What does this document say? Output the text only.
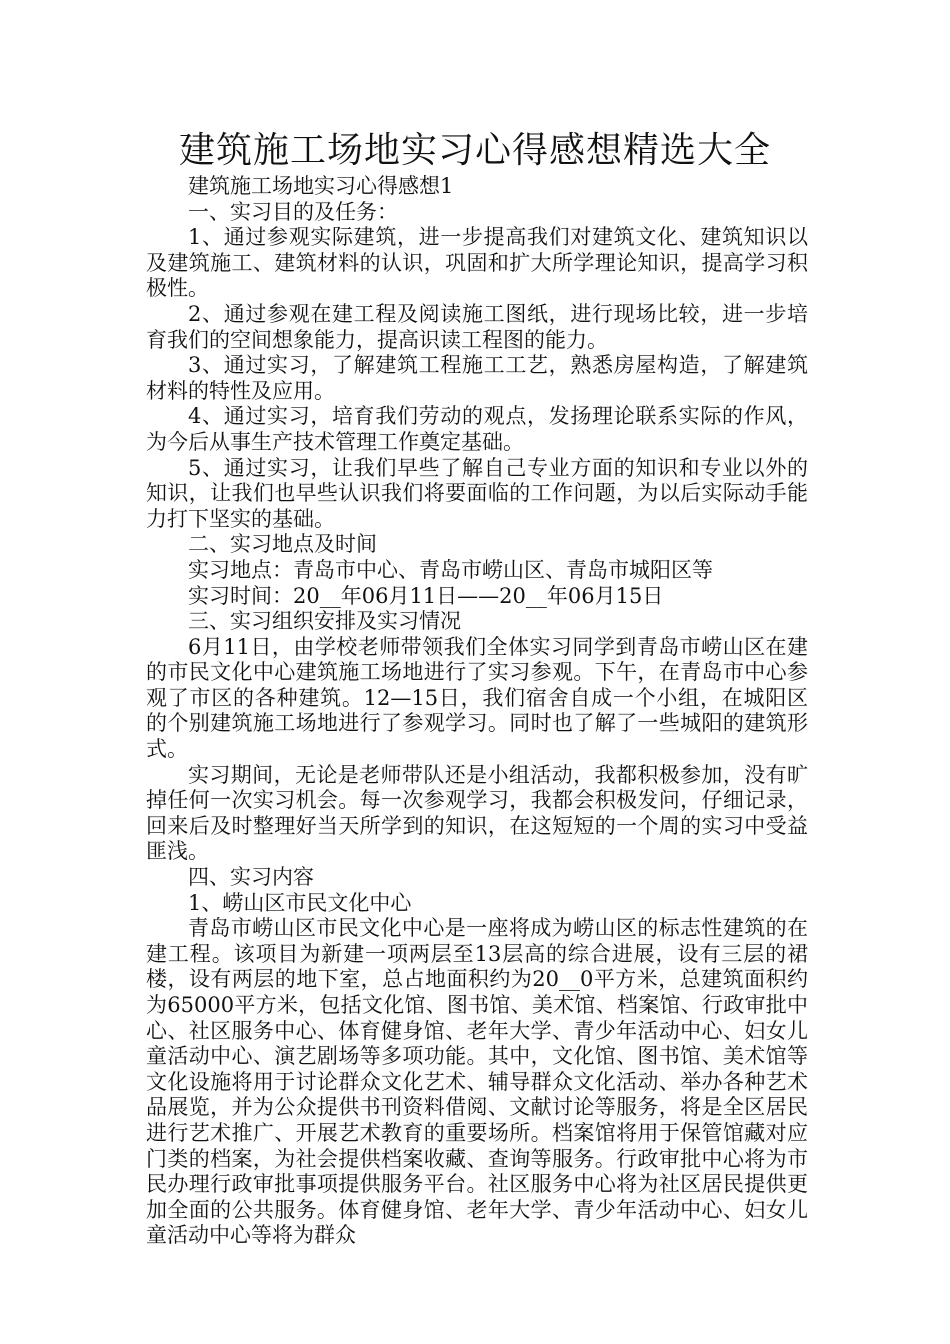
建筑施工场地实习心得感想精选大全

建筑施工场地实习心得感想1

一、实习目的及任务：

1、通过参观实际建筑，进一步提高我们对建筑文化、建筑知识以及建筑施工、建筑材料的认识，巩固和扩大所学理论知识，提高学习积极性。

2、通过参观在建工程及阅读施工图纸，进行现场比较，进一步培育我们的空间想象能力，提高识读工程图的能力。

3、通过实习，了解建筑工程施工工艺，熟悉房屋构造，了解建筑材料的特性及应用。

4、通过实习，培育我们劳动的观点，发扬理论联系实际的作风，为今后从事生产技术管理工作奠定基础。

5、通过实习，让我们早些了解自己专业方面的知识和专业以外的知识，让我们也早些认识我们将要面临的工作问题，为以后实际动手能力打下坚实的基础。

二、实习地点及时间

实习地点：青岛市中心、青岛市崂山区、青岛市城阳区等

实习时间：20__年06月11日——20__年06月15日

三、实习组织安排及实习情况

6月11日，由学校老师带领我们全体实习同学到青岛市崂山区在建的市民文化中心建筑施工场地进行了实习参观。下午，在青岛市中心参观了市区的各种建筑。12—15日，我们宿舍自成一个小组，在城阳区的个别建筑施工场地进行了参观学习。同时也了解了一些城阳的建筑形式。

实习期间，无论是老师带队还是小组活动，我都积极参加，没有旷掉任何一次实习机会。每一次参观学习，我都会积极发问，仔细记录，回来后及时整理好当天所学到的知识，在这短短的一个周的实习中受益匪浅。

四、实习内容

1、崂山区市民文化中心

青岛市崂山区市民文化中心是一座将成为崂山区的标志性建筑的在建工程。该项目为新建一项两层至13层高的综合进展，设有三层的裙楼，设有两层的地下室，总占地面积约为20__0平方米，总建筑面积约为65000平方米，包括文化馆、图书馆、美术馆、档案馆、行政审批中心、社区服务中心、体育健身馆、老年大学、青少年活动中心、妇女儿童活动中心、演艺剧场等多项功能。其中，文化馆、图书馆、美术馆等文化设施将用于讨论群众文化艺术、辅导群众文化活动、举办各种艺术品展览，并为公众提供书刊资料借阅、文献讨论等服务，将是全区居民进行艺术推广、开展艺术教育的重要场所。档案馆将用于保管馆藏对应门类的档案，为社会提供档案收藏、查询等服务。行政审批中心将为市民办理行政审批事项提供服务平台。社区服务中心将为社区居民提供更加全面的公共服务。体育健身馆、老年大学、青少年活动中心、妇女儿童活动中心等将为群众
